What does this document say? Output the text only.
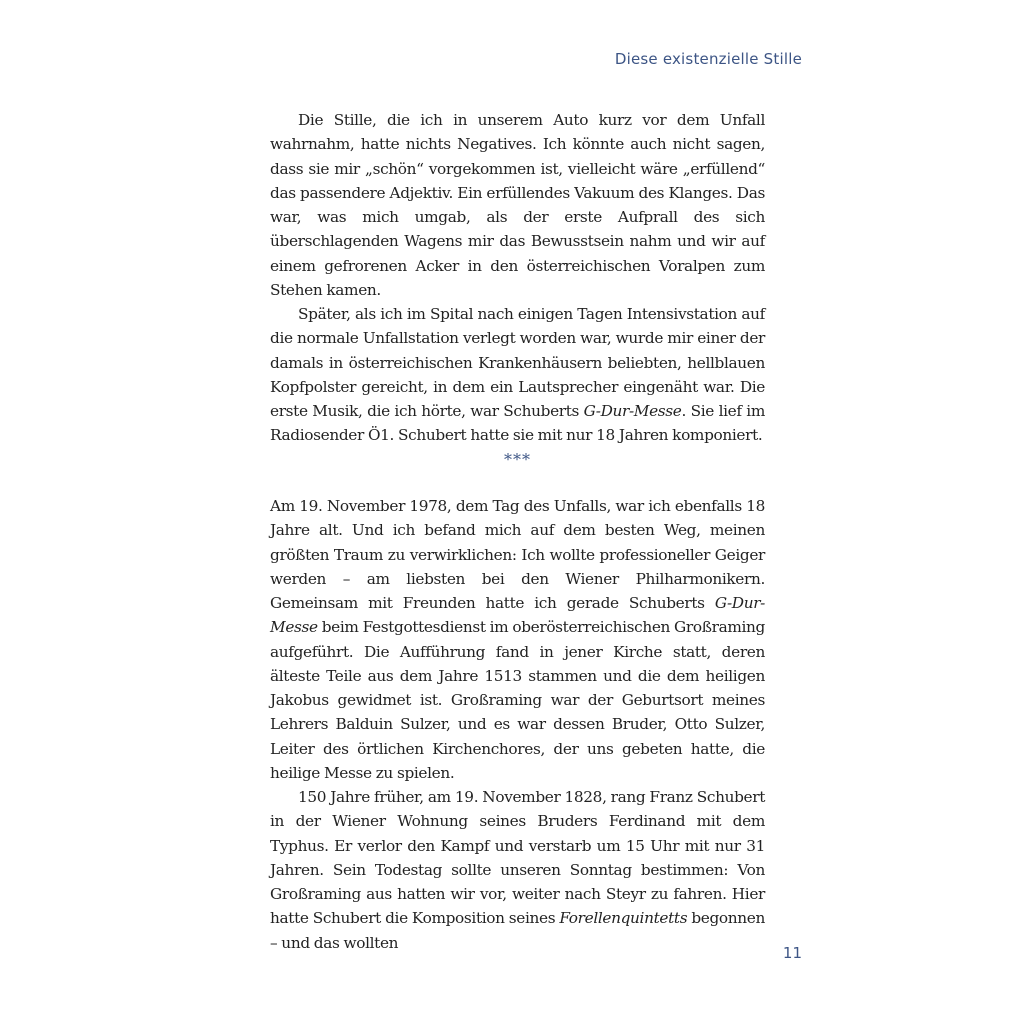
Diese existenzielle Stille

Die Stille, die ich in unserem Auto kurz vor dem Unfall wahrnahm, hatte nichts Negatives. Ich könnte auch nicht sagen, dass sie mir „schön“ vorgekommen ist, vielleicht wäre „erfüllend“ das passendere Adjektiv. Ein erfüllendes Vakuum des Klanges. Das war, was mich umgab, als der erste Aufprall des sich überschlagenden Wagens mir das Bewusstsein nahm und wir auf einem gefrorenen Acker in den österreichischen Voralpen zum Stehen kamen.

Später, als ich im Spital nach einigen Tagen Intensivstation auf die normale Unfallstation verlegt worden war, wurde mir einer der damals in österreichischen Krankenhäusern beliebten, hellblauen Kopfpolster gereicht, in dem ein Lautsprecher eingenäht war. Die erste Musik, die ich hörte, war Schuberts G-Dur-Messe. Sie lief im Radiosender Ö1. Schubert hatte sie mit nur 18 Jahren komponiert.

***

Am 19. November 1978, dem Tag des Unfalls, war ich ebenfalls 18 Jahre alt. Und ich befand mich auf dem besten Weg, meinen größten Traum zu verwirklichen: Ich wollte professioneller Geiger werden – am liebsten bei den Wiener Philharmonikern. Gemeinsam mit Freunden hatte ich gerade Schuberts G-Dur-Messe beim Festgottesdienst im oberösterreichischen Großraming aufgeführt. Die Aufführung fand in jener Kirche statt, deren älteste Teile aus dem Jahre 1513 stammen und die dem heiligen Jakobus gewidmet ist. Großraming war der Geburtsort meines Lehrers Balduin Sulzer, und es war dessen Bruder, Otto Sulzer, Leiter des örtlichen Kirchenchores, der uns gebeten hatte, die heilige Messe zu spielen.

150 Jahre früher, am 19. November 1828, rang Franz Schubert in der Wiener Wohnung seines Bruders Ferdinand mit dem Typhus. Er verlor den Kampf und verstarb um 15 Uhr mit nur 31 Jahren. Sein Todestag sollte unseren Sonntag bestimmen: Von Großraming aus hatten wir vor, weiter nach Steyr zu fahren. Hier hatte Schubert die Komposition seines Forellenquintetts begonnen – und das wollten

11
